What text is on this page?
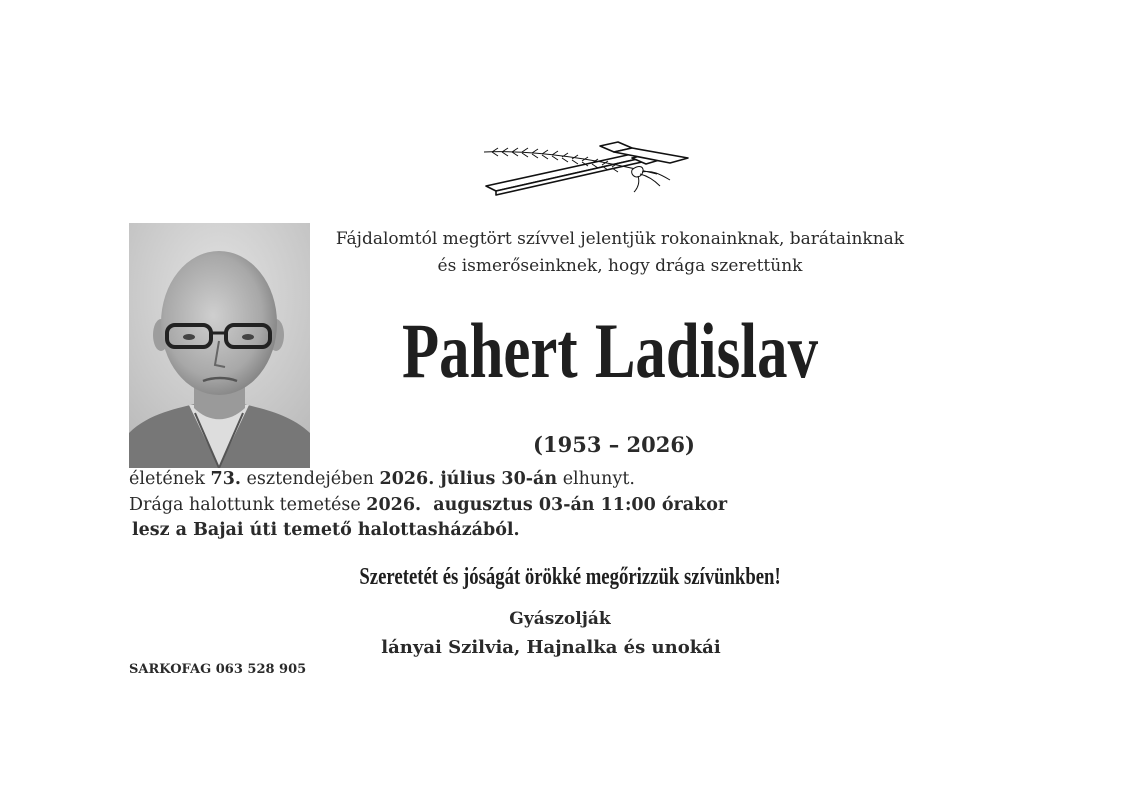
Fájdalomtól megtört szívvel jelentjük rokonainknak, barátainknak
és ismerőseinknek, hogy drága szerettünk
Pahert Ladislav
(1953 – 2026)
életének 73. esztendejében 2026. július 30-án elhunyt.
Drága halottunk temetése 2026.  augusztus 03-án 11:00 órakor
lesz a Bajai úti temető halottasházából.
Szeretetét és jóságát örökké megőrizzük szívünkben!
Gyászolják
lányai Szilvia, Hajnalka és unokái
SARKOFAG 063 528 905
